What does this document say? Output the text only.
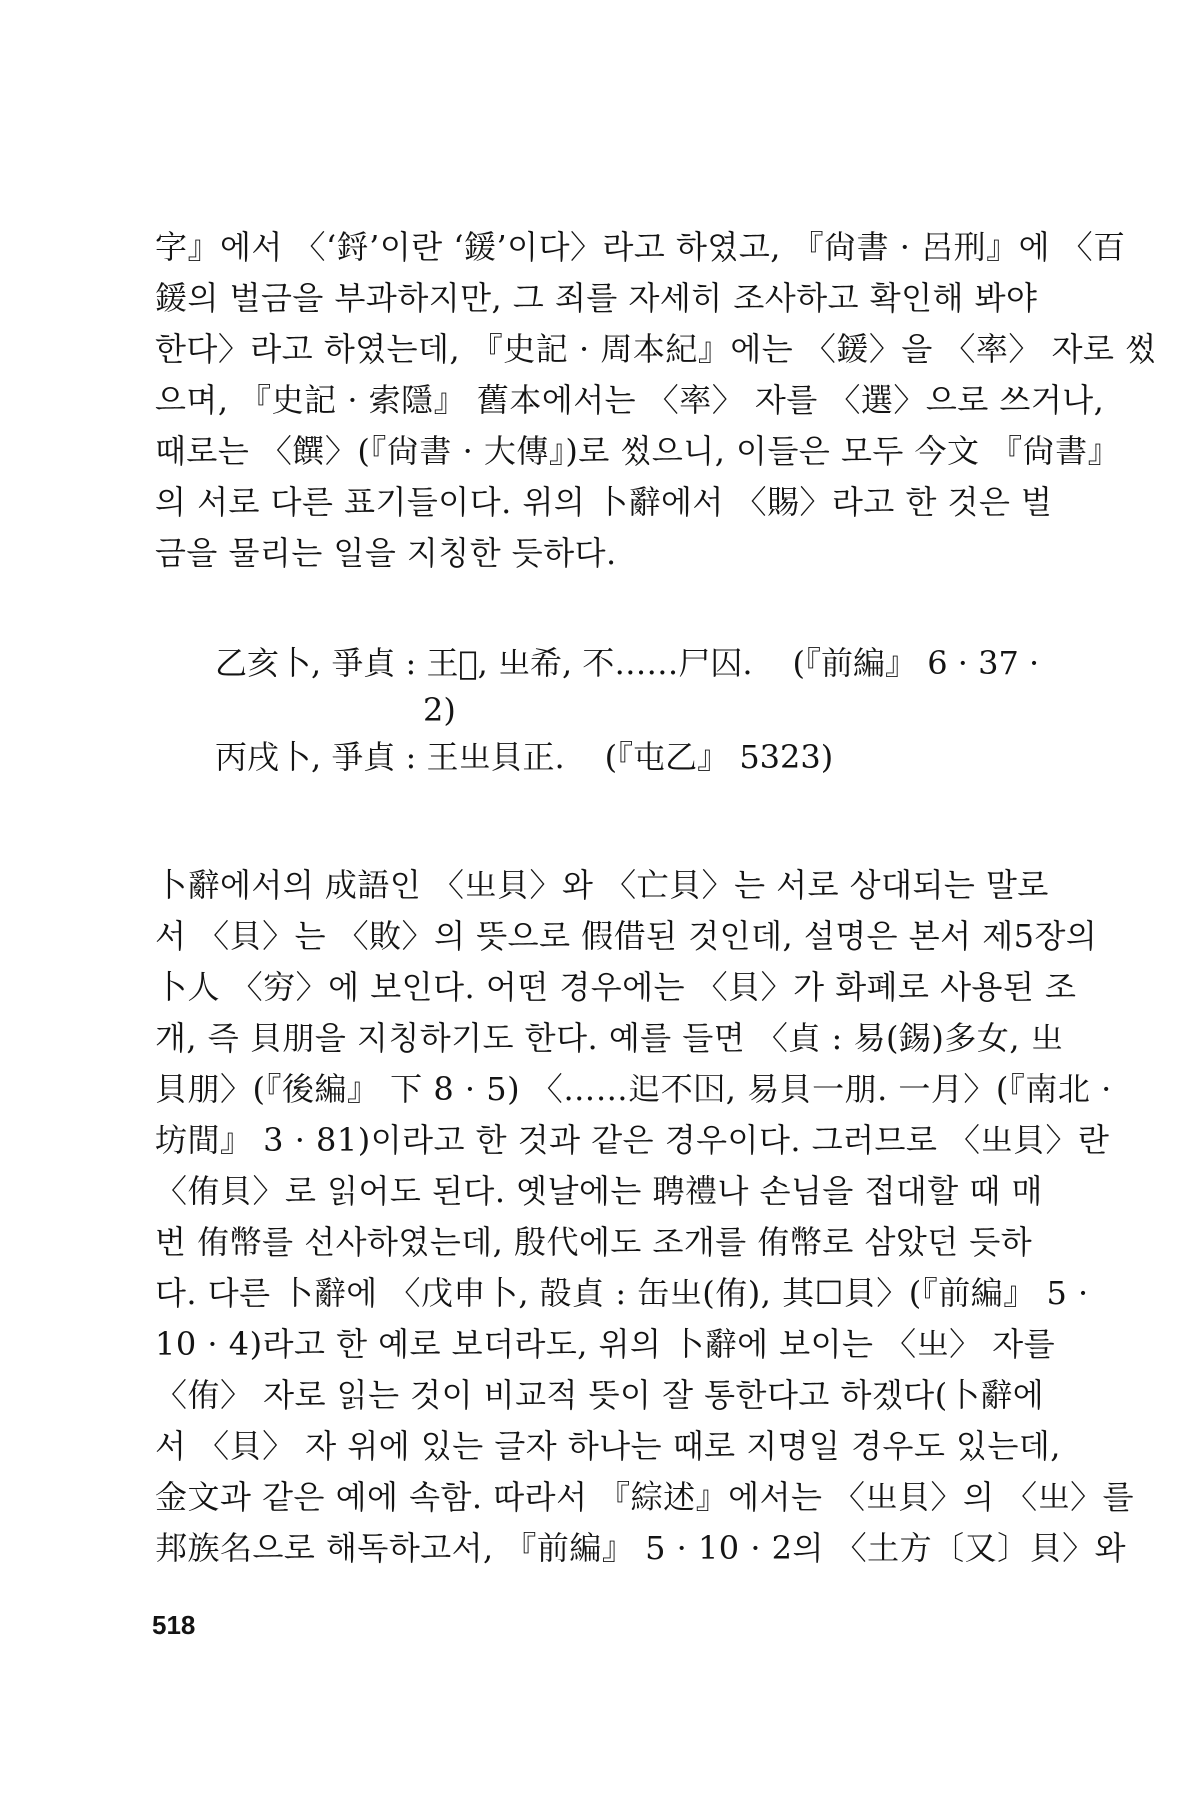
字』에서 〈‘鋝’이란 ‘鍰’이다〉라고 하였고, 『尙書 · 呂刑』에 〈百
鍰의 벌금을 부과하지만, 그 죄를 자세히 조사하고 확인해 봐야
한다〉라고 하였는데, 『史記 · 周本紀』에는 〈鍰〉을 〈率〉 자로 썼
으며, 『史記 · 索隱』 舊本에서는 〈率〉 자를 〈選〉으로 쓰거나,
때로는 〈饌〉(『尙書 · 大傳』)로 썼으니, 이들은 모두 今文 『尙書』
의 서로 다른 표기들이다. 위의 卜辭에서 〈賜〉라고 한 것은 벌
금을 물리는 일을 지칭한 듯하다.
乙亥卜, 爭貞 : 王𤰔, 㞢希, 不……尸囚. (『前編』 6 · 37 ·
2)
丙戌卜, 爭貞 : 王㞢貝正. (『屯乙』 5323)
卜辭에서의 成語인 〈㞢貝〉와 〈亡貝〉는 서로 상대되는 말로
서 〈貝〉는 〈敗〉의 뜻으로 假借된 것인데, 설명은 본서 제5장의
卜人 〈穷〉에 보인다. 어떤 경우에는 〈貝〉가 화폐로 사용된 조
개, 즉 貝朋을 지칭하기도 한다. 예를 들면 〈貞 : 易(錫)多女, 㞢
貝朋〉(『後編』 下 8 · 5) 〈……𨑓不𡆥, 易貝一朋. 一月〉(『南北 ·
坊間』 3 · 81)이라고 한 것과 같은 경우이다. 그러므로 〈㞢貝〉란
〈侑貝〉로 읽어도 된다. 옛날에는 聘禮나 손님을 접대할 때 매
번 侑幣를 선사하였는데, 殷代에도 조개를 侑幣로 삼았던 듯하
다. 다른 卜辭에 〈戊申卜, 㱿貞 : 缶㞢(侑), 其☐貝〉(『前編』 5 ·
10 · 4)라고 한 예로 보더라도, 위의 卜辭에 보이는 〈㞢〉 자를
〈侑〉 자로 읽는 것이 비교적 뜻이 잘 통한다고 하겠다(卜辭에
서 〈貝〉 자 위에 있는 글자 하나는 때로 지명일 경우도 있는데,
金文과 같은 예에 속함. 따라서 『綜述』에서는 〈㞢貝〉의 〈㞢〉를
邦族名으로 해독하고서, 『前編』 5 · 10 · 2의 〈土方〔又〕貝〉와
518
